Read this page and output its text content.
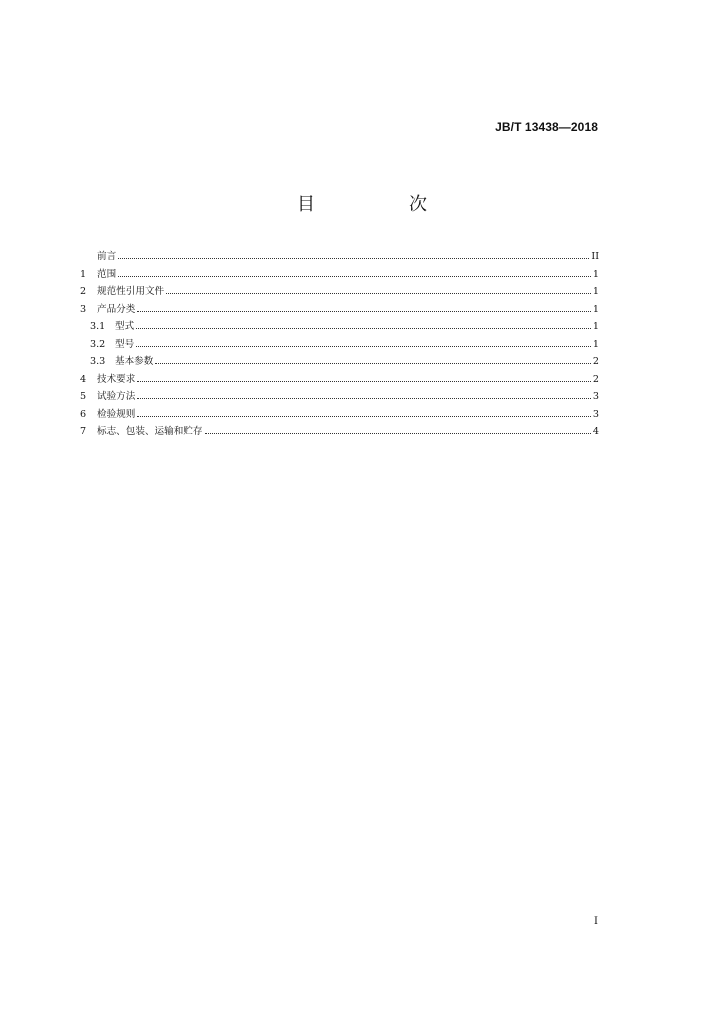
JB/T 13438—2018
目　次
前言	II
1	范围	1
2	规范性引用文件	1
3	产品分类	1
3.1	型式	1
3.2	型号	1
3.3	基本参数	2
4	技术要求	2
5	试验方法	3
6	检验规则	3
7	标志、包装、运输和贮存	4
I
